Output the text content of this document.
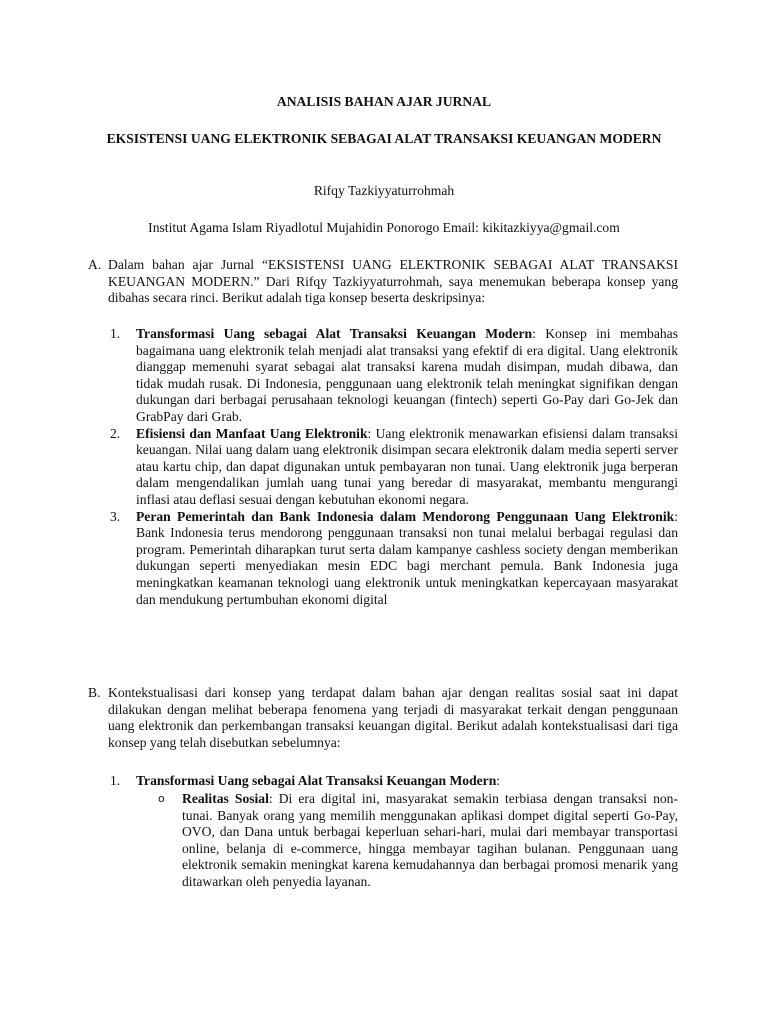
ANALISIS BAHAN AJAR JURNAL
EKSISTENSI UANG ELEKTRONIK SEBAGAI ALAT TRANSAKSI KEUANGAN MODERN
Rifqy Tazkiyyaturrohmah
Institut Agama Islam Riyadlotul Mujahidin Ponorogo Email: kikitazkiyya@gmail.com
A. Dalam bahan ajar Jurnal “EKSISTENSI UANG ELEKTRONIK SEBAGAI ALAT TRANSAKSI KEUANGAN MODERN.” Dari Rifqy Tazkiyyaturrohmah, saya menemukan beberapa konsep yang dibahas secara rinci. Berikut adalah tiga konsep beserta deskripsinya:
1. Transformasi Uang sebagai Alat Transaksi Keuangan Modern: Konsep ini membahas bagaimana uang elektronik telah menjadi alat transaksi yang efektif di era digital. Uang elektronik dianggap memenuhi syarat sebagai alat transaksi karena mudah disimpan, mudah dibawa, dan tidak mudah rusak. Di Indonesia, penggunaan uang elektronik telah meningkat signifikan dengan dukungan dari berbagai perusahaan teknologi keuangan (fintech) seperti Go-Pay dari Go-Jek dan GrabPay dari Grab.
2. Efisiensi dan Manfaat Uang Elektronik: Uang elektronik menawarkan efisiensi dalam transaksi keuangan. Nilai uang dalam uang elektronik disimpan secara elektronik dalam media seperti server atau kartu chip, dan dapat digunakan untuk pembayaran non tunai. Uang elektronik juga berperan dalam mengendalikan jumlah uang tunai yang beredar di masyarakat, membantu mengurangi inflasi atau deflasi sesuai dengan kebutuhan ekonomi negara.
3. Peran Pemerintah dan Bank Indonesia dalam Mendorong Penggunaan Uang Elektronik: Bank Indonesia terus mendorong penggunaan transaksi non tunai melalui berbagai regulasi dan program. Pemerintah diharapkan turut serta dalam kampanye cashless society dengan memberikan dukungan seperti menyediakan mesin EDC bagi merchant pemula. Bank Indonesia juga meningkatkan keamanan teknologi uang elektronik untuk meningkatkan kepercayaan masyarakat dan mendukung pertumbuhan ekonomi digital
B. Kontekstualisasi dari konsep yang terdapat dalam bahan ajar dengan realitas sosial saat ini dapat dilakukan dengan melihat beberapa fenomena yang terjadi di masyarakat terkait dengan penggunaan uang elektronik dan perkembangan transaksi keuangan digital. Berikut adalah kontekstualisasi dari tiga konsep yang telah disebutkan sebelumnya:
1. Transformasi Uang sebagai Alat Transaksi Keuangan Modern:
o Realitas Sosial: Di era digital ini, masyarakat semakin terbiasa dengan transaksi non-tunai. Banyak orang yang memilih menggunakan aplikasi dompet digital seperti Go-Pay, OVO, dan Dana untuk berbagai keperluan sehari-hari, mulai dari membayar transportasi online, belanja di e-commerce, hingga membayar tagihan bulanan. Penggunaan uang elektronik semakin meningkat karena kemudahannya dan berbagai promosi menarik yang ditawarkan oleh penyedia layanan.
